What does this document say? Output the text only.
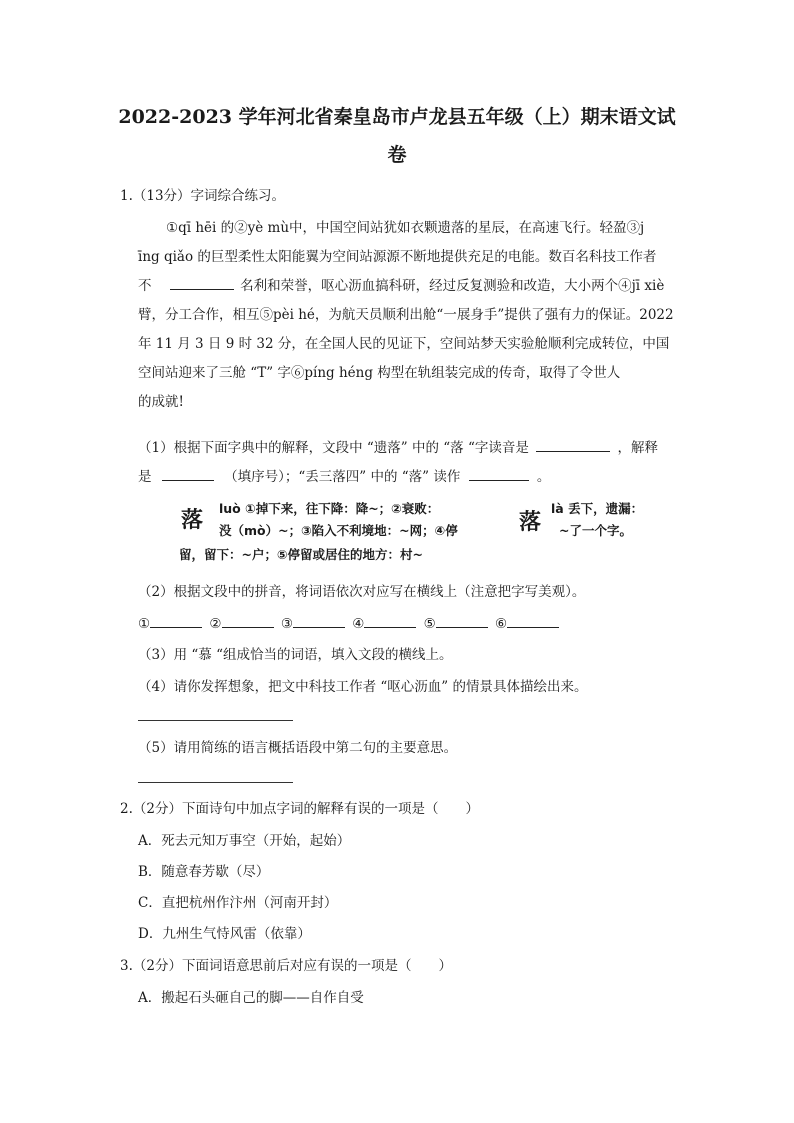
2022-2023 学年河北省秦皇岛市卢龙县五年级（上）期末语文试
卷
1.（13分）字词综合练习。
①qī hēi 的②yè mù中，中国空间站犹如衣颗遗落的星辰，在高速飞行。轻盈③j
īng qiǎo 的巨型柔性太阳能翼为空间站源源不断地提供充足的电能。数百名科技工作者
不	名利和荣誉，呕心沥血搞科研，经过反复测验和改造，大小两个④jī xiè
臂，分工合作，相互⑤pèi hé，为航天员顺利出舱“一展身手”提供了强有力的保证。2022
年 11 月 3 日 9 时 32 分，在全国人民的见证下，空间站梦天实验舱顺利完成转位，中国
空间站迎来了三舱 “T” 字⑥píng héng 构型在轨组装完成的传奇，取得了令世人
的成就!
（1）根据下面字典中的解释，文段中 “遗落” 中的 “落 “字读音是	，解释
是	（填序号）；“丢三落四” 中的 “落” 读作	。
落 luò ①掉下来，往下降：降~；②衰败：
没（mò）~；③陷入不利境地：~网；④停
留，留下：~户；⑤停留或居住的地方：村~
落
là 丢下，遗漏：
~了一个字。
（2）根据文段中的拼音，将词语依次对应写在横线上（注意把字写美观）。
①	②	③	④	⑤	⑥
（3）用 “慕 “组成恰当的词语，填入文段的横线上。
（4）请你发挥想象，把文中科技工作者 “呕心沥血” 的情景具体描绘出来。
（5）请用简练的语言概括语段中第二句的主要意思。
2.（2分）下面诗句中加点字词的解释有误的一项是（　　）
A．死去元知万事空（开始，起始）
B．随意春芳歇（尽）
C．直把杭州作汴州（河南开封）
D．九州生气恃风雷（依靠）
3.（2分）下面词语意思前后对应有误的一项是（　　）
A．搬起石头砸自己的脚——自作自受
